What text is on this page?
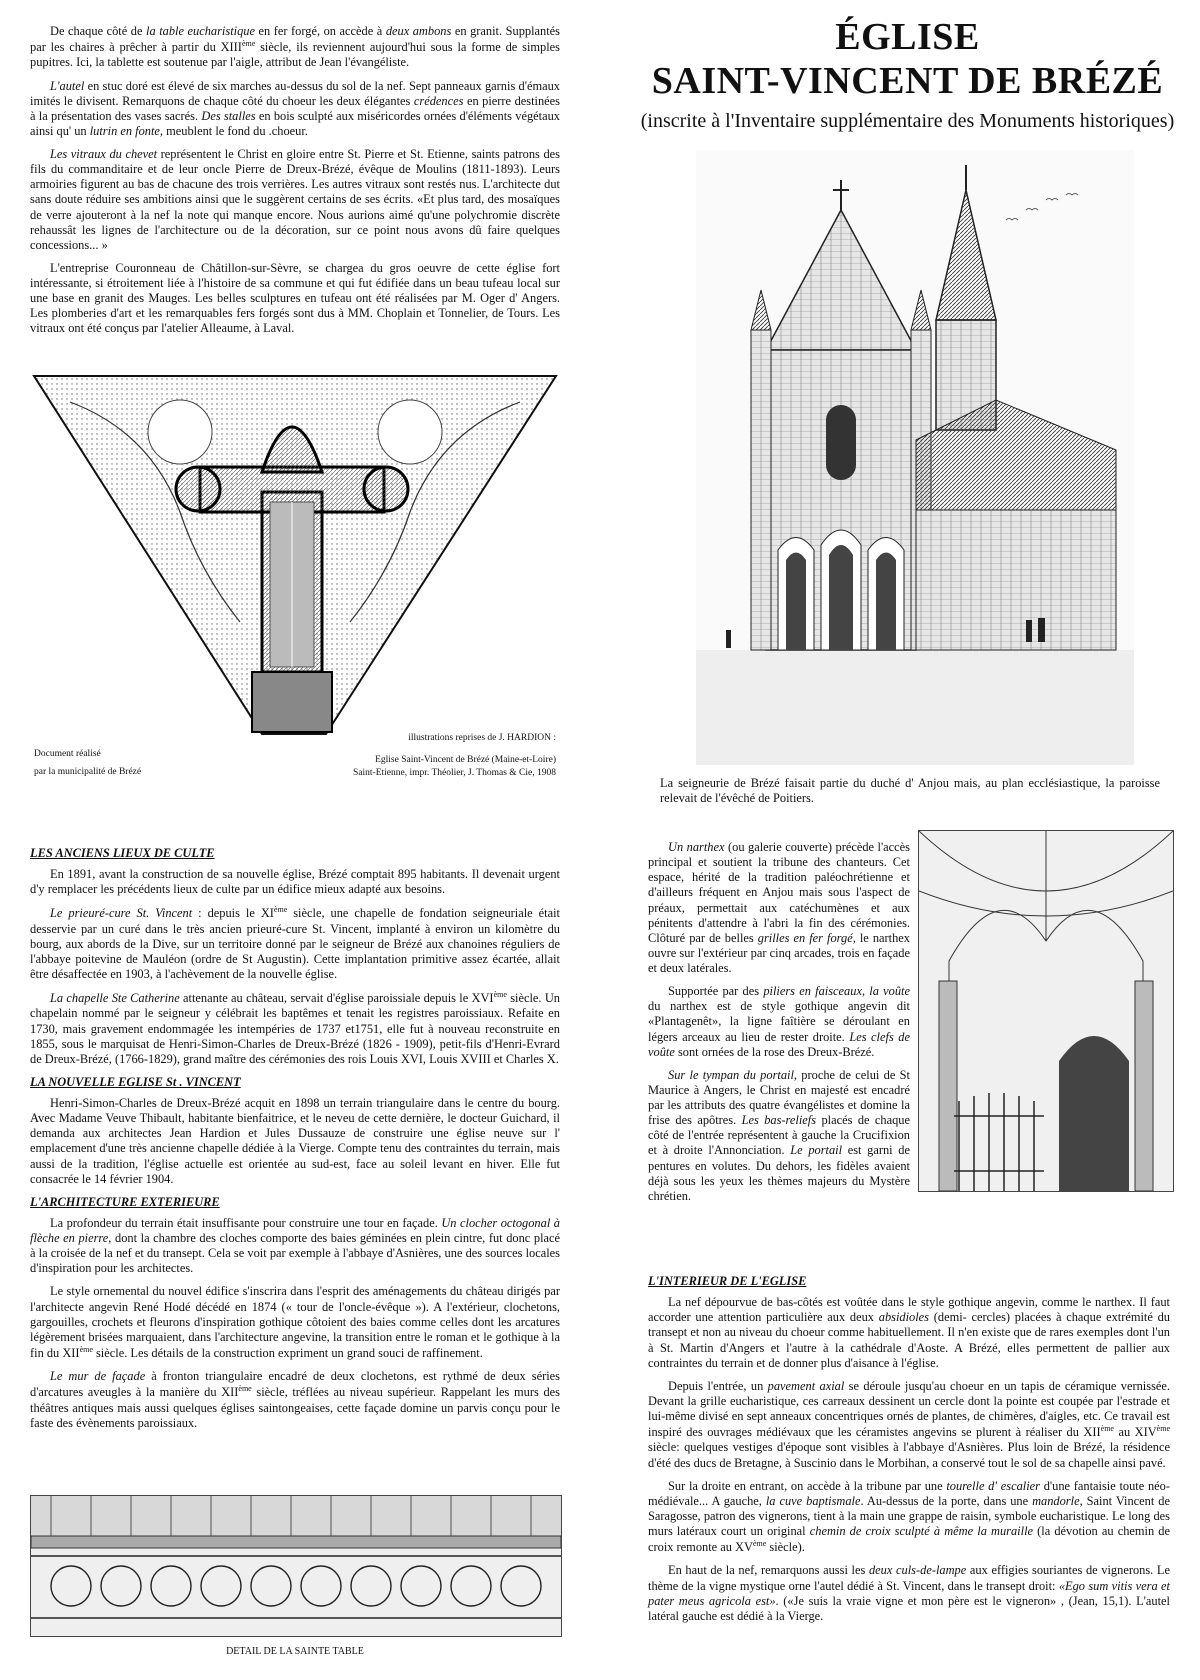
De chaque côté de la table eucharistique en fer forgé, on accède à deux ambons en granit. Supplantés par les chaires à prêcher à partir du XIIIème siècle, ils reviennent aujourd'hui sous la forme de simples pupitres. Ici, la tablette est soutenue par l'aigle, attribut de Jean l'évangéliste.

L'autel en stuc doré est élevé de six marches au-dessus du sol de la nef. Sept panneaux garnis d'émaux imités le divisent. Remarquons de chaque côté du choeur les deux élégantes crédences en pierre destinées à la présentation des vases sacrés. Des stalles en bois sculpté aux miséricordes ornées d'éléments végétaux ainsi qu' un lutrin en fonte, meublent le fond du .choeur.

Les vitraux du chevet représentent le Christ en gloire entre St. Pierre et St. Etienne, saints patrons des fils du commanditaire et de leur oncle Pierre de Dreux-Brézé, évêque de Moulins (1811-1893). Leurs armoiries figurent au bas de chacune des trois verrières. Les autres vitraux sont restés nus. L'architecte dut sans doute réduire ses ambitions ainsi que le suggèrent certains de ses écrits. «Et plus tard, des mosaïques de verre ajouteront à la nef la note qui manque encore. Nous aurions aimé qu'une polychromie discrète rehaussât les lignes de l'architecture ou de la décoration, sur ce point nous avons dû faire quelques concessions... »

L'entreprise Couronneau de Châtillon-sur-Sèvre, se chargea du gros oeuvre de cette église fort intéressante, si étroitement liée à l'histoire de sa commune et qui fut édifiée dans un beau tufeau local sur une base en granit des Mauges. Les belles sculptures en tufeau ont été réalisées par M. Oger d' Angers. Les plomberies d'art et les remarquables fers forgés sont dus à MM. Choplain et Tonnelier, de Tours. Les vitraux ont été conçus par l'atelier Alleaume, à Laval.

Document réalisé
par la municipalité de Brézé
illustrations reprises de J. HARDION :
Eglise Saint-Vincent de Brézé (Maine-et-Loire)
Saint-Etienne, impr. Théolier, J. Thomas & Cie, 1908
ÉGLISE
SAINT-VINCENT DE BRÉZÉ
(inscrite à l'Inventaire supplémentaire des Monuments historiques)
La seigneurie de Brézé faisait partie du duché d' Anjou mais, au plan ecclésiastique, la paroisse relevait de l'évêché de Poitiers.
LES ANCIENS LIEUX DE CULTE

En 1891, avant la construction de sa nouvelle église, Brézé comptait 895 habitants. Il devenait urgent d'y remplacer les précédents lieux de culte par un édifice mieux adapté aux besoins.

Le prieuré-cure St. Vincent : depuis le XIème siècle, une chapelle de fondation seigneuriale était desservie par un curé dans le très ancien prieuré-cure St. Vincent, implanté à environ un kilomètre du bourg, aux abords de la Dive, sur un territoire donné par le seigneur de Brézé aux chanoines réguliers de l'abbaye poitevine de Mauléon (ordre de St Augustin). Cette implantation primitive assez écartée, allait être désaffectée en 1903, à l'achèvement de la nouvelle église.

La chapelle Ste Catherine attenante au château, servait d'église paroissiale depuis le XVIème siècle. Un chapelain nommé par le seigneur y célébrait les baptêmes et tenait les registres paroissiaux. Refaite en 1730, mais gravement endommagée les intempéries de 1737 et1751, elle fut à nouveau reconstruite en 1855, sous le marquisat de Henri-Simon-Charles de Dreux-Brézé (1826 - 1909), petit-fils d'Henri-Evrard de Dreux-Brézé, (1766-1829), grand maître des cérémonies des rois Louis XVI, Louis XVIII et Charles X.

LA NOUVELLE EGLISE St . VINCENT

Henri-Simon-Charles de Dreux-Brézé acquit en 1898 un terrain triangulaire dans le centre du bourg. Avec Madame Veuve Thibault, habitante bienfaitrice, et le neveu de cette dernière, le docteur Guichard, il demanda aux architectes Jean Hardion et Jules Dussauze de construire une église neuve sur l' emplacement d'une très ancienne chapelle dédiée à la Vierge. Compte tenu des contraintes du terrain, mais aussi de la tradition, l'église actuelle est orientée au sud-est, face au soleil levant en hiver. Elle fut consacrée le 14 février 1904.

L'ARCHITECTURE EXTERIEURE

La profondeur du terrain était insuffisante pour construire une tour en façade. Un clocher octogonal à flèche en pierre, dont la chambre des cloches comporte des baies géminées en plein cintre, fut donc placé à la croisée de la nef et du transept. Cela se voit par exemple à l'abbaye d'Asnières, une des sources locales d'inspiration pour les architectes.

Le style ornemental du nouvel édifice s'inscrira dans l'esprit des aménagements du château dirigés par l'architecte angevin René Hodé décédé en 1874 (« tour de l'oncle-évêque »). A l'extérieur, clochetons, gargouilles, crochets et fleurons d'inspiration gothique côtoient des baies comme celles dont les arcatures légèrement brisées marquaient, dans l'architecture angevine, la transition entre le roman et le gothique à la fin du XIIème siècle. Les détails de la construction expriment un grand souci de raffinement.

Le mur de façade à fronton triangulaire encadré de deux clochetons, est rythmé de deux séries d'arcatures aveugles à la manière du XIIème siècle, tréflées au niveau supérieur. Rappelant les murs des théâtres antiques mais aussi quelques églises saintongeaises, cette façade domine un parvis conçu pour le faste des évènements paroissiaux.

DETAIL DE LA SAINTE TABLE

Un narthex (ou galerie couverte) précède l'accès principal et soutient la tribune des chanteurs. Cet espace, hérité de la tradition paléochrétienne et d'ailleurs fréquent en Anjou mais sous l'aspect de préaux, permettait aux catéchumènes et aux pénitents d'attendre à l'abri la fin des cérémonies. Clôturé par de belles grilles en fer forgé, le narthex ouvre sur l'extérieur par cinq arcades, trois en façade et deux latérales.

Supportée par des piliers en faisceaux, la voûte du narthex est de style gothique angevin dit «Plantagenêt», la ligne faîtière se déroulant en légers arceaux au lieu de rester droite. Les clefs de voûte sont ornées de la rose des Dreux-Brézé.

Sur le tympan du portail, proche de celui de St Maurice à Angers, le Christ en majesté est encadré par les attributs des quatre évangélistes et domine la frise des apôtres. Les bas-reliefs placés de chaque côté de l'entrée représentent à gauche la Crucifixion et à droite l'Annonciation. Le portail est garni de pentures en volutes. Du dehors, les fidèles avaient déjà sous les yeux les thèmes majeurs du Mystère chrétien.

L'INTERIEUR DE L'EGLISE

La nef dépourvue de bas-côtés est voûtée dans le style gothique angevin, comme le narthex. Il faut accorder une attention particulière aux deux absidioles (demi- cercles) placées à chaque extrémité du transept et non au niveau du choeur comme habituellement. Il n'en existe que de rares exemples dont l'un à St. Martin d'Angers et l'autre à la cathédrale d'Aoste. A Brézé, elles permettent de pallier aux contraintes du terrain et de donner plus d'aisance à l'église.

Depuis l'entrée, un pavement axial se déroule jusqu'au choeur en un tapis de céramique vernissée. Devant la grille eucharistique, ces carreaux dessinent un cercle dont la pointe est coupée par l'estrade et lui-même divisé en sept anneaux concentriques ornés de plantes, de chimères, d'aigles, etc. Ce travail est inspiré des ouvrages médiévaux que les céramistes angevins se plurent à réaliser du XIIème au XIVème siècle: quelques vestiges d'époque sont visibles à l'abbaye d'Asnières. Plus loin de Brézé, la résidence d'été des ducs de Bretagne, à Suscinio dans le Morbihan, a conservé tout le sol de sa chapelle ainsi pavé.

Sur la droite en entrant, on accède à la tribune par une tourelle d' escalier d'une fantaisie toute néo-médiévale... A gauche, la cuve baptismale. Au-dessus de la porte, dans une mandorle, Saint Vincent de Saragosse, patron des vignerons, tient à la main une grappe de raisin, symbole eucharistique. Le long des murs latéraux court un original chemin de croix sculpté à même la muraille (la dévotion au chemin de croix remonte au XVème siècle).

En haut de la nef, remarquons aussi les deux culs-de-lampe aux effigies souriantes de vignerons. Le thème de la vigne mystique orne l'autel dédié à St. Vincent, dans le transept droit: «Ego sum vitis vera et pater meus agricola est». («Je suis la vraie vigne et mon père est le vigneron» , (Jean, 15,1). L'autel latéral gauche est dédié à la Vierge.
